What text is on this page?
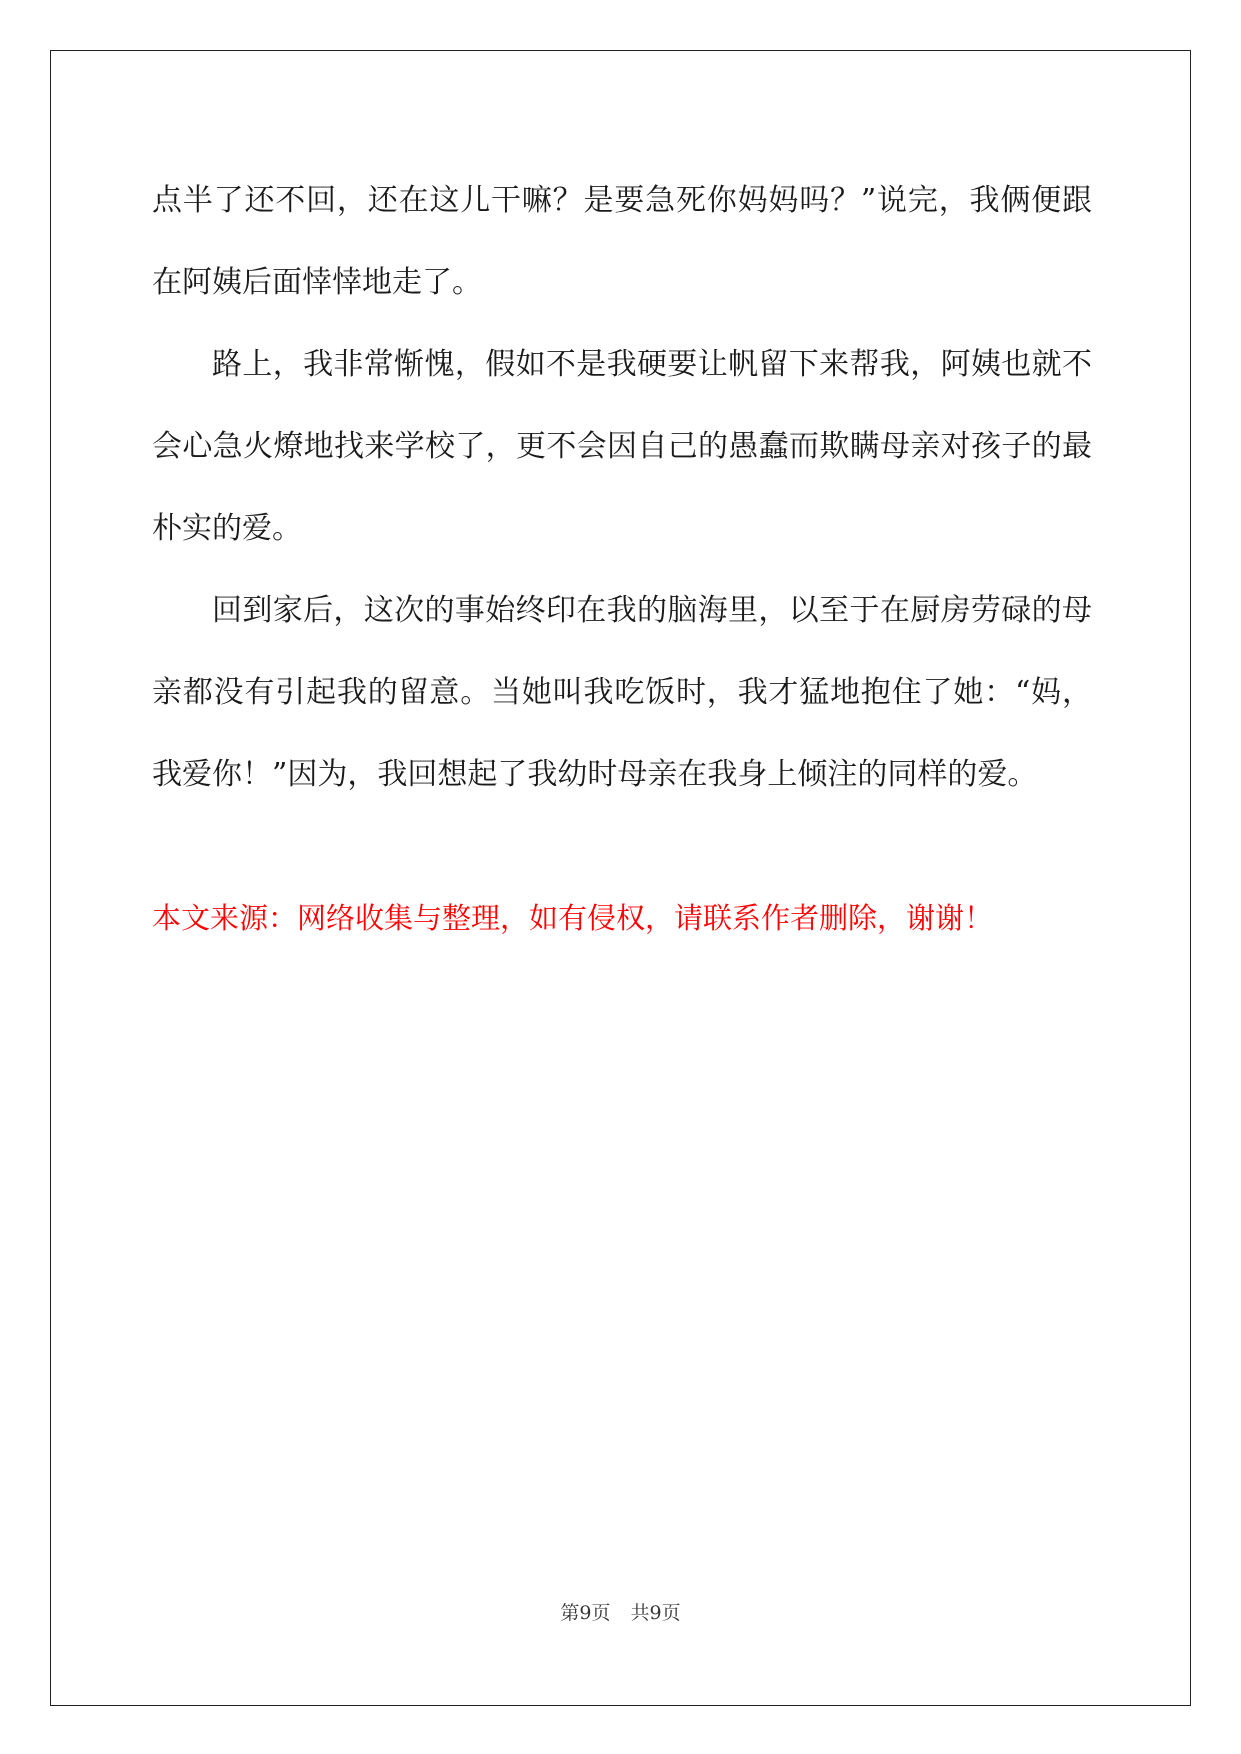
点半了还不回，还在这儿干嘛？是要急死你妈妈吗？”说完，我俩便跟在阿姨后面悻悻地走了。

路上，我非常惭愧，假如不是我硬要让帆留下来帮我，阿姨也就不会心急火燎地找来学校了，更不会因自己的愚蠢而欺瞒母亲对孩子的最朴实的爱。

回到家后，这次的事始终印在我的脑海里，以至于在厨房劳碌的母亲都没有引起我的留意。当她叫我吃饭时，我才猛地抱住了她：“妈，我爱你！”因为，我回想起了我幼时母亲在我身上倾注的同样的爱。

本文来源：网络收集与整理，如有侵权，请联系作者删除，谢谢！

第9页 共9页
